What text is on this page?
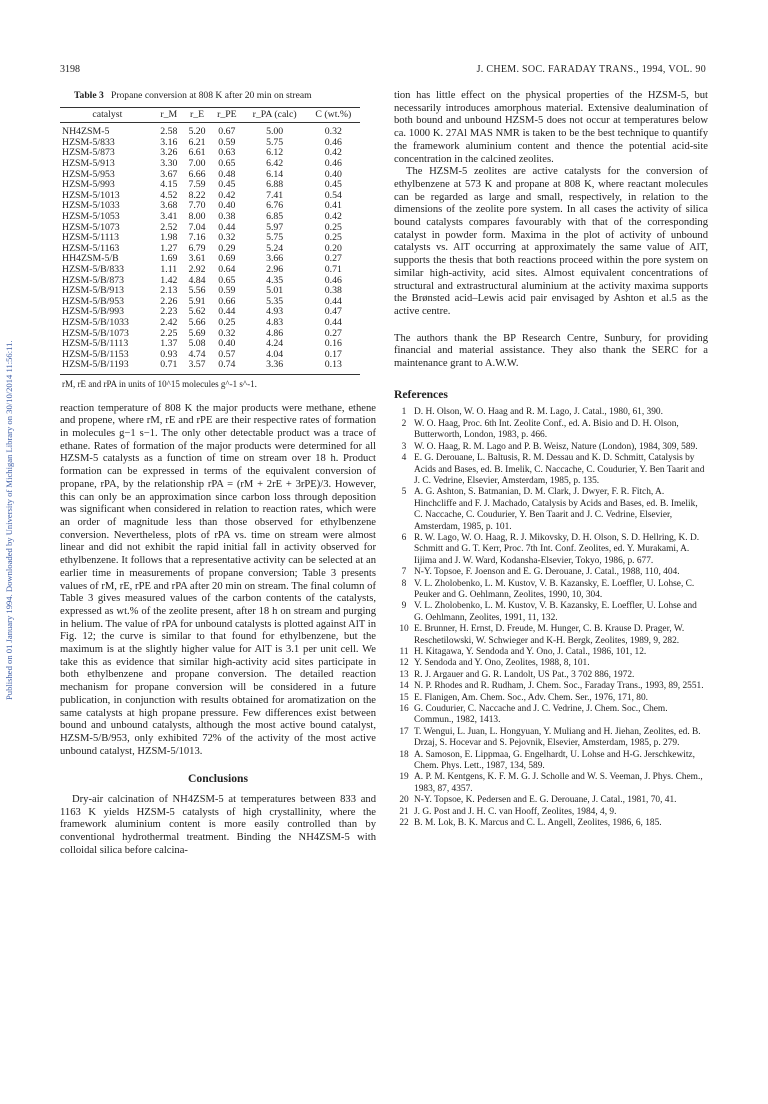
Published on 01 January 1994. Downloaded by University of Michigan Library on 30/10/2014 11:56:11.
3198	J. CHEM. SOC. FARADAY TRANS., 1994, VOL. 90
Table 3 Propane conversion at 808 K after 20 min on stream
catalyst	r_M	r_E	r_PE	r_PA (calc)	C (wt.%)
NH4ZSM-5	2.58	5.20	0.67	5.00	0.32
HZSM-5/833	3.16	6.21	0.59	5.75	0.46
HZSM-5/873	3.26	6.61	0.63	6.12	0.42
HZSM-5/913	3.30	7.00	0.65	6.42	0.46
HZSM-5/953	3.67	6.66	0.48	6.14	0.40
HZSM-5/993	4.15	7.59	0.45	6.88	0.45
HZSM-5/1013	4.52	8.22	0.42	7.41	0.54
HZSM-5/1033	3.68	7.70	0.40	6.76	0.41
HZSM-5/1053	3.41	8.00	0.38	6.85	0.42
HZSM-5/1073	2.52	7.04	0.44	5.97	0.25
HZSM-5/1113	1.98	7.16	0.32	5.75	0.25
HZSM-5/1163	1.27	6.79	0.29	5.24	0.20
HH4ZSM-5/B	1.69	3.61	0.69	3.66	0.27
HZSM-5/B/833	1.11	2.92	0.64	2.96	0.71
HZSM-5/B/873	1.42	4.84	0.65	4.35	0.46
HZSM-5/B/913	2.13	5.56	0.59	5.01	0.38
HZSM-5/B/953	2.26	5.91	0.66	5.35	0.44
HZSM-5/B/993	2.23	5.62	0.44	4.93	0.47
HZSM-5/B/1033	2.42	5.66	0.25	4.83	0.44
HZSM-5/B/1073	2.25	5.69	0.32	4.86	0.27
HZSM-5/B/1113	1.37	5.08	0.40	4.24	0.16
HZSM-5/B/1153	0.93	4.74	0.57	4.04	0.17
HZSM-5/B/1193	0.71	3.57	0.74	3.36	0.13
rM, rE and rPA in units of 10^15 molecules g^-1 s^-1.

reaction temperature of 808 K the major products were methane, ethene and propene, where rM, rE and rPE are their respective rates of formation in molecules g−1 s−1. The only other detectable product was a trace of ethane. Rates of formation of the major products were determined for all HZSM-5 catalysts as a function of time on stream over 18 h. Product formation can be expressed in terms of the equivalent conversion of propane, rPA, by the relationship rPA = (rM + 2rE + 3rPE)/3. However, this can only be an approximation since carbon loss through deposition was significant when considered in relation to reaction rates, which were an order of magnitude less than those observed for ethylbenzene conversion. Nevertheless, plots of rPA vs. time on stream were almost linear and did not exhibit the rapid initial fall in activity observed for ethylbenzene. It follows that a representative activity can be selected at an earlier time in measurements of propane conversion; Table 3 presents values of rM, rE, rPE and rPA after 20 min on stream. The final column of Table 3 gives measured values of the carbon contents of the catalysts, expressed as wt.% of the zeolite present, after 18 h on stream and purging in helium. The value of rPA for unbound catalysts is plotted against AlT in Fig. 12; the curve is similar to that found for ethylbenzene, but the maximum is at the slightly higher value for AlT is 3.1 per unit cell. We take this as evidence that similar high-activity acid sites participate in both ethylbenzene and propane conversion. The detailed reaction mechanism for propane conversion will be considered in a future publication, in conjunction with results obtained for aromatization on the same catalysts at high propane pressure. Few differences exist between bound and unbound catalysts, although the most active bound catalyst, HZSM-5/B/953, only exhibited 72% of the activity of the most active unbound catalyst, HZSM-5/1013.

Conclusions

Dry-air calcination of NH4ZSM-5 at temperatures between 833 and 1163 K yields HZSM-5 catalysts of high crystallinity, where the framework aluminium content is more easily controlled than by conventional hydrothermal treatment. Binding the NH4ZSM-5 with colloidal silica before calcina-

tion has little effect on the physical properties of the HZSM-5, but necessarily introduces amorphous material. Extensive dealumination of both bound and unbound HZSM-5 does not occur at temperatures below ca. 1000 K. 27Al MAS NMR is taken to be the best technique to quantify the framework aluminium content and thence the potential acid-site concentration in the calcined zeolites.

The HZSM-5 zeolites are active catalysts for the conversion of ethylbenzene at 573 K and propane at 808 K, where reactant molecules can be regarded as large and small, respectively, in relation to the dimensions of the zeolite pore system. In all cases the activity of silica bound catalysts compares favourably with that of the corresponding catalyst in powder form. Maxima in the plot of activity of unbound catalysts vs. AlT occurring at approximately the same value of AlT, supports the thesis that both reactions proceed within the pore system on similar high-activity, acid sites. Almost equivalent concentrations of structural and extrastructural aluminium at the activity maxima supports the Brønsted acid–Lewis acid pair envisaged by Ashton et al.5 as the active centre.

The authors thank the BP Research Centre, Sunbury, for providing financial and material assistance. They also thank the SERC for a maintenance grant to A.W.W.

References
1 D. H. Olson, W. O. Haag and R. M. Lago, J. Catal., 1980, 61, 390.
2 W. O. Haag, Proc. 6th Int. Zeolite Conf., ed. A. Bisio and D. H. Olson, Butterworth, London, 1983, p. 466.
3 W. O. Haag, R. M. Lago and P. B. Weisz, Nature (London), 1984, 309, 589.
4 E. G. Derouane, L. Baltusis, R. M. Dessau and K. D. Schmitt, Catalysis by Acids and Bases, ed. B. Imelik, C. Naccache, C. Coudurier, Y. Ben Taarit and J. C. Vedrine, Elsevier, Amsterdam, 1985, p. 135.
5 A. G. Ashton, S. Batmanian, D. M. Clark, J. Dwyer, F. R. Fitch, A. Hinchcliffe and F. J. Machado, Catalysis by Acids and Bases, ed. B. Imelik, C. Naccache, C. Coudurier, Y. Ben Taarit and J. C. Vedrine, Elsevier, Amsterdam, 1985, p. 101.
6 R. W. Lago, W. O. Haag, R. J. Mikovsky, D. H. Olson, S. D. Hellring, K. D. Schmitt and G. T. Kerr, Proc. 7th Int. Conf. Zeolites, ed. Y. Murakami, A. Iijima and J. W. Ward, Kodansha-Elsevier, Tokyo, 1986, p. 677.
7 N-Y. Topsoe, F. Joenson and E. G. Derouane, J. Catal., 1988, 110, 404.
8 V. L. Zholobenko, L. M. Kustov, V. B. Kazansky, E. Loeffler, U. Lohse, C. Peuker and G. Oehlmann, Zeolites, 1990, 10, 304.
9 V. L. Zholobenko, L. M. Kustov, V. B. Kazansky, E. Loeffler, U. Lohse and G. Oehlmann, Zeolites, 1991, 11, 132.
10 E. Brunner, H. Ernst, D. Freude, M. Hunger, C. B. Krause D. Prager, W. Reschetilowski, W. Schwieger and K-H. Bergk, Zeolites, 1989, 9, 282.
11 H. Kitagawa, Y. Sendoda and Y. Ono, J. Catal., 1986, 101, 12.
12 Y. Sendoda and Y. Ono, Zeolites, 1988, 8, 101.
13 R. J. Argauer and G. R. Landolt, US Pat., 3 702 886, 1972.
14 N. P. Rhodes and R. Rudham, J. Chem. Soc., Faraday Trans., 1993, 89, 2551.
15 E. Flanigen, Am. Chem. Soc., Adv. Chem. Ser., 1976, 171, 80.
16 G. Coudurier, C. Naccache and J. C. Vedrine, J. Chem. Soc., Chem. Commun., 1982, 1413.
17 T. Wengui, L. Juan, L. Hongyuan, Y. Muliang and H. Jiehan, Zeolites, ed. B. Drzaj, S. Hocevar and S. Pejovnik, Elsevier, Amsterdam, 1985, p. 279.
18 A. Samoson, E. Lippmaa, G. Engelhardt, U. Lohse and H-G. Jerschkewitz, Chem. Phys. Lett., 1987, 134, 589.
19 A. P. M. Kentgens, K. F. M. G. J. Scholle and W. S. Veeman, J. Phys. Chem., 1983, 87, 4357.
20 N-Y. Topsoe, K. Pedersen and E. G. Derouane, J. Catal., 1981, 70, 41.
21 J. G. Post and J. H. C. van Hooff, Zeolites, 1984, 4, 9.
22 B. M. Lok, B. K. Marcus and C. L. Angell, Zeolites, 1986, 6, 185.
